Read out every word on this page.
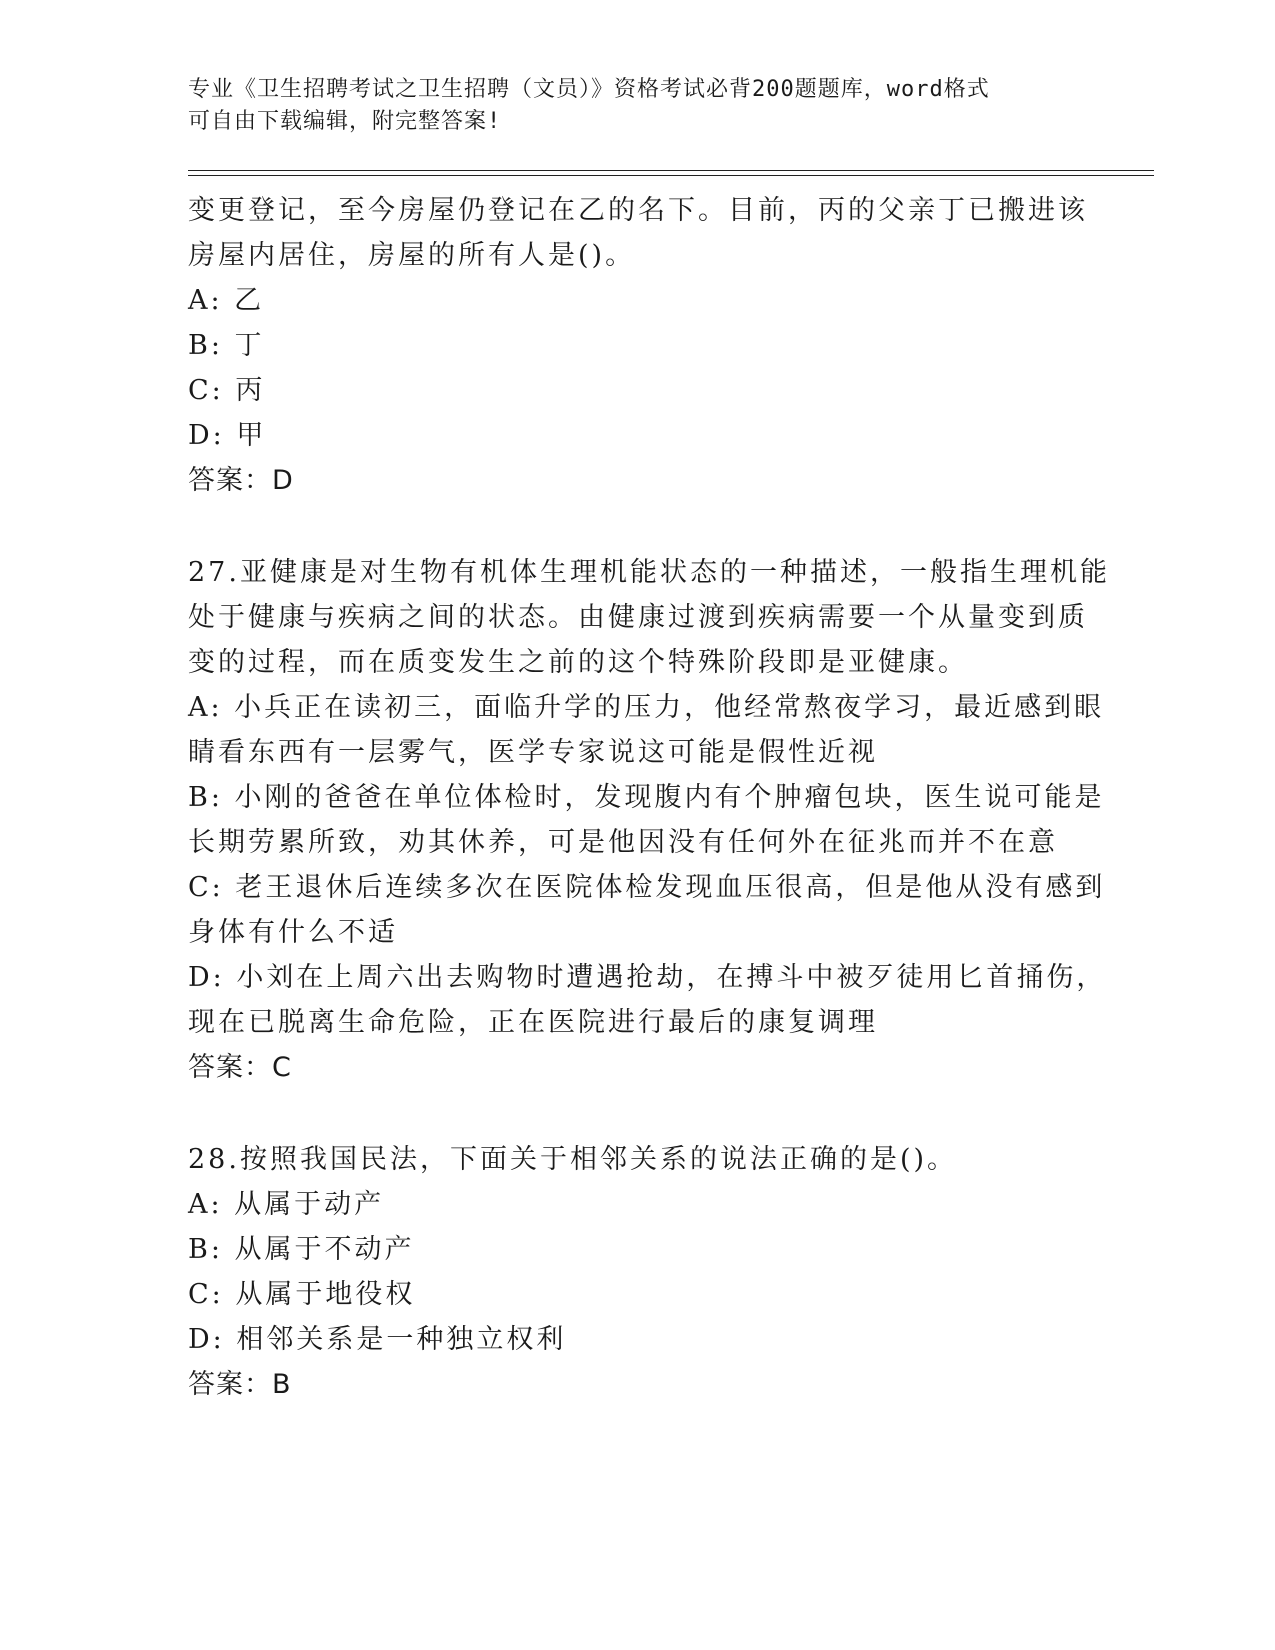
专业《卫生招聘考试之卫生招聘（文员）》资格考试必背200题题库，word格式
可自由下载编辑，附完整答案!
变更登记，至今房屋仍登记在乙的名下。目前，丙的父亲丁已搬进该
房屋内居住，房屋的所有人是()。
A: 乙
B: 丁
C: 丙
D: 甲
答案：D
27.亚健康是对生物有机体生理机能状态的一种描述，一般指生理机能
处于健康与疾病之间的状态。由健康过渡到疾病需要一个从量变到质
变的过程，而在质变发生之前的这个特殊阶段即是亚健康。
A: 小兵正在读初三，面临升学的压力，他经常熬夜学习，最近感到眼
睛看东西有一层雾气，医学专家说这可能是假性近视
B: 小刚的爸爸在单位体检时，发现腹内有个肿瘤包块，医生说可能是
长期劳累所致，劝其休养，可是他因没有任何外在征兆而并不在意
C: 老王退休后连续多次在医院体检发现血压很高，但是他从没有感到
身体有什么不适
D: 小刘在上周六出去购物时遭遇抢劫，在搏斗中被歹徒用匕首捅伤，
现在已脱离生命危险，正在医院进行最后的康复调理
答案：C
28.按照我国民法，下面关于相邻关系的说法正确的是()。
A: 从属于动产
B: 从属于不动产
C: 从属于地役权
D: 相邻关系是一种独立权利
答案：B
